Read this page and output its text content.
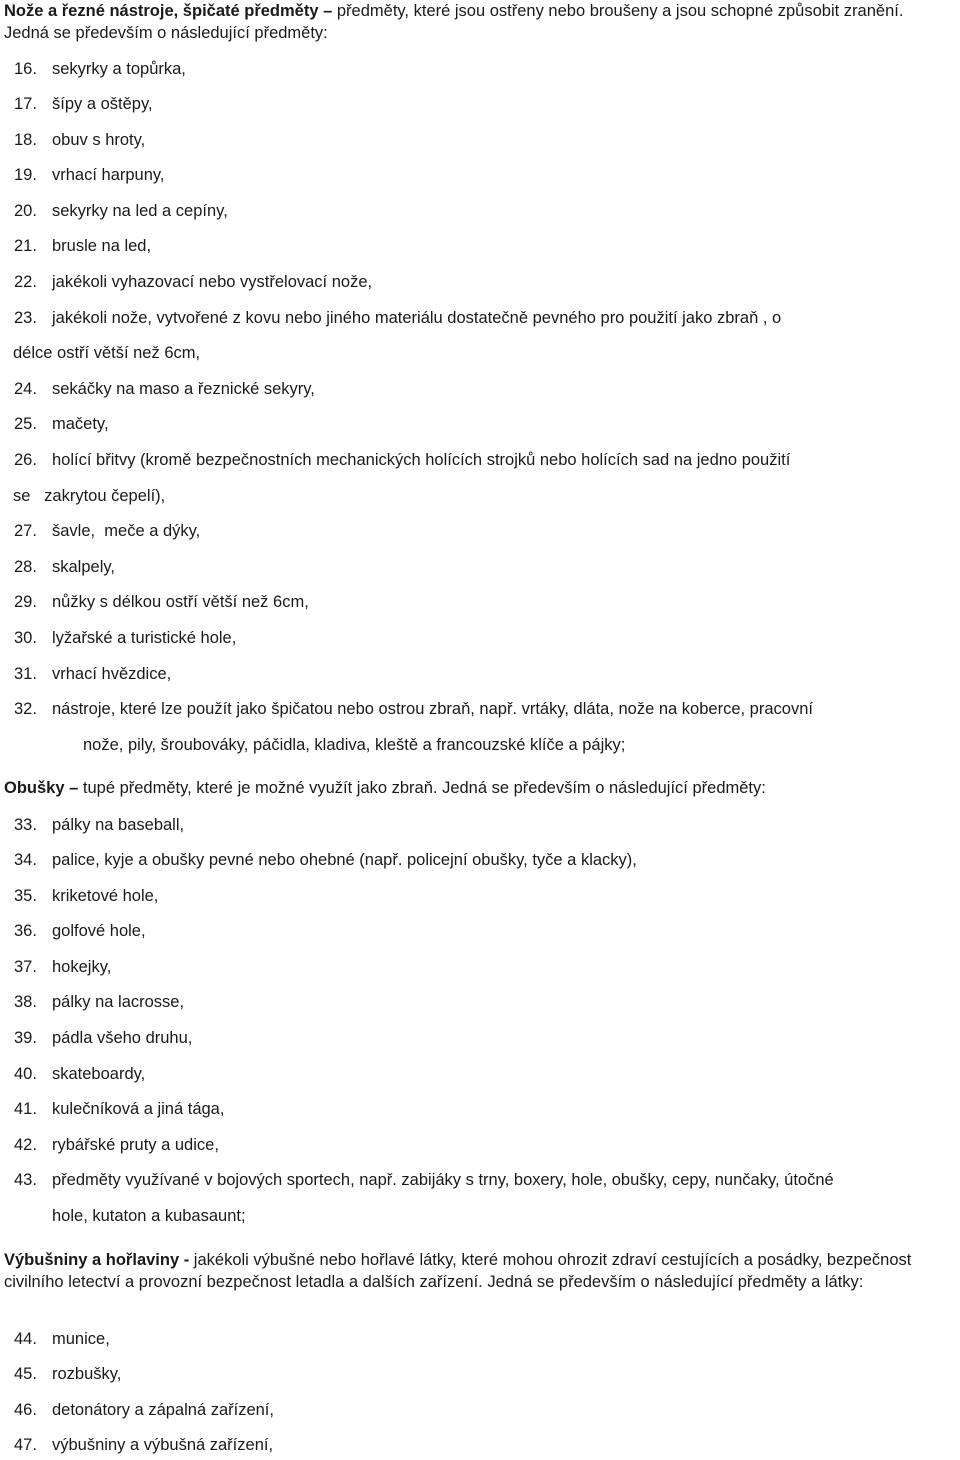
Nože a řezné nástroje, špičaté předměty – předměty, které jsou ostřeny nebo broušeny a jsou schopné způsobit zranění. Jedná se především o následující předměty:

16. sekyrky a topůrka,
17. šípy a oštěpy,
18. obuv s hroty,
19. vrhací harpuny,
20. sekyrky na led a cepíny,
21. brusle na led,
22. jakékoli vyhazovací nebo vystřelovací nože,
23. jakékoli nože, vytvořené z kovu nebo jiného materiálu dostatečně pevného pro použití jako zbraň , o
délce ostří větší než 6cm,
24. sekáčky na maso a řeznické sekyry,
25. mačety,
26. holící břitvy (kromě bezpečnostních mechanických holících strojků nebo holících sad na jedno použití
se   zakrytou čepelí),
27. šavle,  meče a dýky,
28. skalpely,
29. nůžky s délkou ostří větší než 6cm,
30. lyžařské a turistické hole,
31. vrhací hvězdice,
32. nástroje, které lze použít jako špičatou nebo ostrou zbraň, např. vrtáky, dláta, nože na koberce, pracovní
nože, pily, šroubováky, páčidla, kladiva, kleště a francouzské klíče a pájky;

Obušky – tupé předměty, které je možné využít jako zbraň. Jedná se především o následující předměty:

33. pálky na baseball,
34. palice, kyje a obušky pevné nebo ohebné (např. policejní obušky, tyče a klacky),
35. kriketové hole,
36. golfové hole,
37. hokejky,
38. pálky na lacrosse,
39. pádla všeho druhu,
40. skateboardy,
41. kulečníková a jiná tága,
42. rybářské pruty a udice,
43. předměty využívané v bojových sportech, např. zabijáky s trny, boxery, hole, obušky, cepy, nunčaky, útočné
hole, kutaton a kubasaunt;

Výbušniny a hořlaviny - jakékoli výbušné nebo hořlavé látky, které mohou ohrozit zdraví cestujících a posádky, bezpečnost civilního letectví a provozní bezpečnost letadla a dalších zařízení. Jedná se především o následující předměty a látky:

44. munice,
45. rozbušky,
46. detonátory a zápalná zařízení,
47. výbušniny a výbušná zařízení,
